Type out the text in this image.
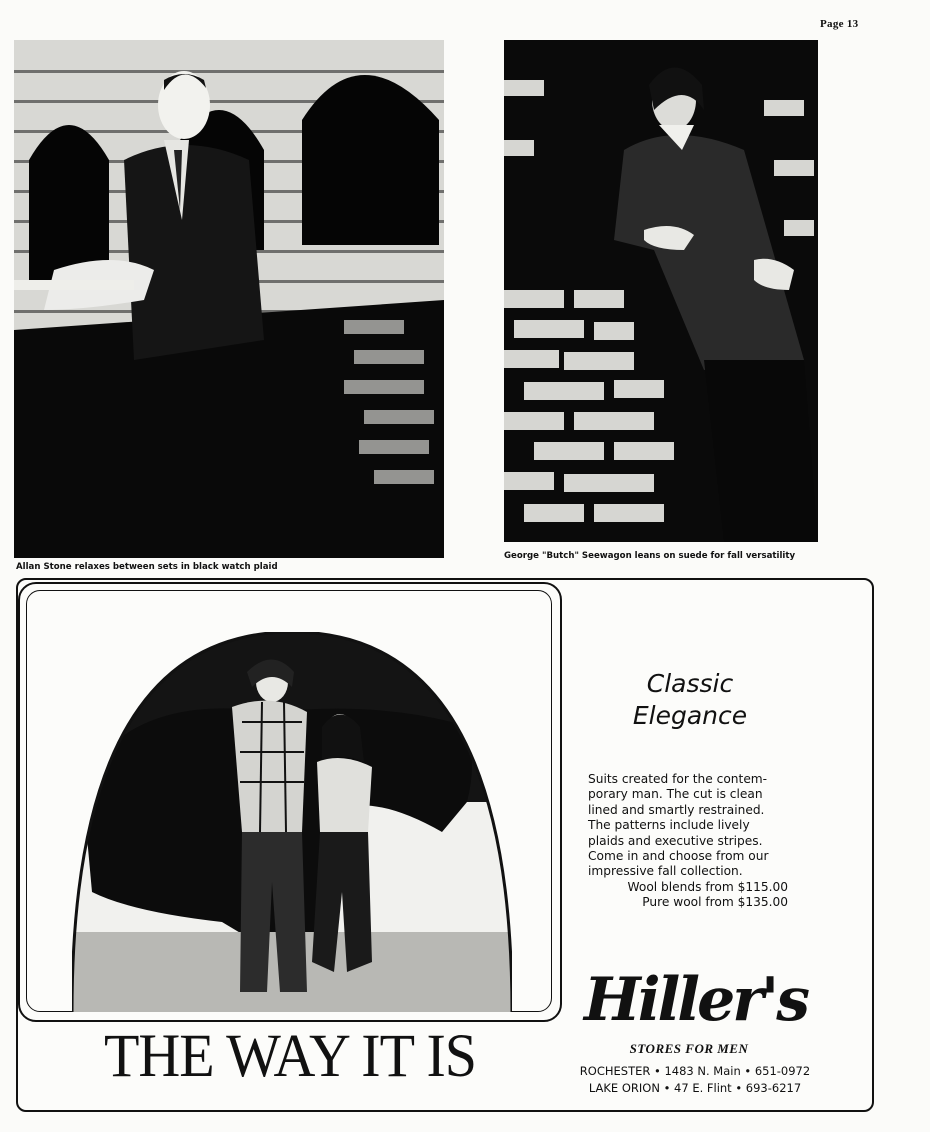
Page 13
Allan Stone relaxes between sets in black watch plaid
George "Butch" Seewagon leans on suede for fall versatility
THE WAY IT IS
Classic
Elegance
Suits created for the contem-
porary man. The cut is clean
lined and smartly restrained.
The patterns include lively
plaids and executive stripes.
Come in and choose from our
impressive fall collection.
Wool blends from $115.00
Pure wool from $135.00
Hiller's
STORES FOR MEN
ROCHESTER • 1483 N. Main • 651-0972
LAKE ORION • 47 E. Flint • 693-6217
